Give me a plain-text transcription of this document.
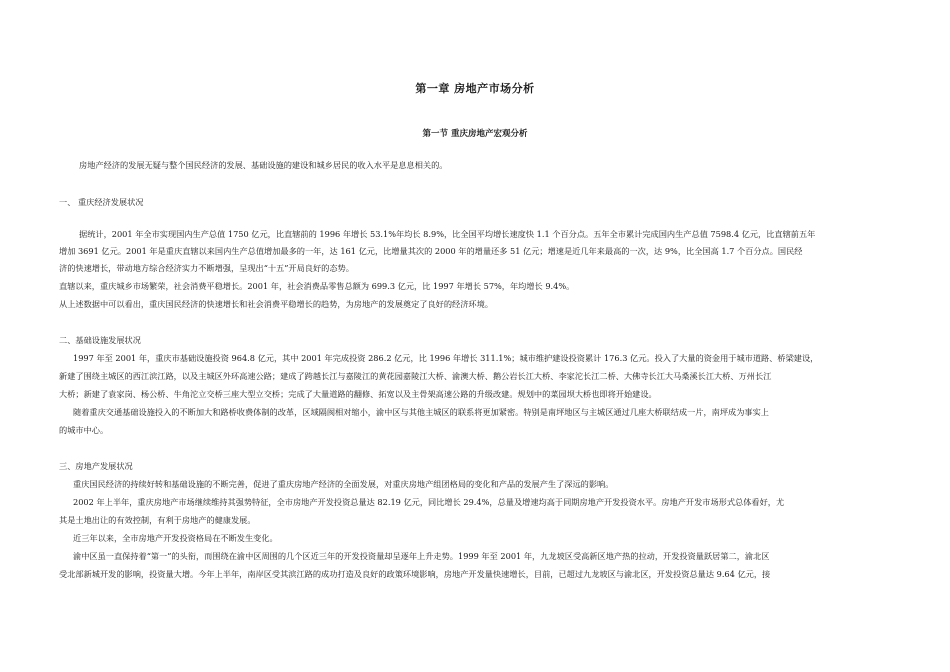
第一章 房地产市场分析
第一节 重庆房地产宏观分析
房地产经济的发展无疑与整个国民经济的发展、基础设施的建设和城乡居民的收入水平是息息相关的。
一、 重庆经济发展状况
据统计，2001 年全市实现国内生产总值 1750 亿元，比直辖前的 1996 年增长 53.1%年均长 8.9%，比全国平均增长速度快 1.1 个百分点。五年全市累计完成国内生产总值 7598.4 亿元，比直辖前五年
增加 3691 亿元。2001 年是重庆直辖以来国内生产总值增加最多的一年，达 161 亿元，比增量其次的 2000 年的增量还多 51 亿元；增速是近几年来最高的一次，达 9%，比全国高 1.7 个百分点。国民经
济的快速增长，带动地方综合经济实力不断增强，呈现出“十五”开局良好的态势。
直辖以来，重庆城乡市场繁荣，社会消费平稳增长。2001 年，社会消费品零售总额为 699.3 亿元，比 1997 年增长 57%，年均增长 9.4%。
从上述数据中可以看出，重庆国民经济的快速增长和社会消费平稳增长的趋势，为房地产的发展奠定了良好的经济环境。
二、基础设施发展状况
1997 年至 2001 年，重庆市基础设施投资 964.8 亿元，其中 2001 年完成投资 286.2 亿元，比 1996 年增长 311.1%；城市维护建设投资累计 176.3 亿元。投入了大量的资金用于城市道路、桥梁建设，
新建了围绕主城区的西江滨江路，以及主城区外环高速公路；建成了跨越长江与嘉陵江的黄花园嘉陵江大桥、渝澳大桥、鹅公岩长江大桥、李家沱长江二桥、大佛寺长江大马桑溪长江大桥、万州长江
大桥；新建了袁家岗、杨公桥、牛角沱立交桥三座大型立交桥；完成了大量道路的翻修、拓宽以及主骨架高速公路的升级改建。规划中的菜园坝大桥也即将开始建设。
随着重庆交通基础设施投入的不断加大和路桥收费体制的改革，区域隔阂相对缩小，渝中区与其他主城区的联系将更加紧密。特别是南坪地区与主城区通过几座大桥联结成一片，南坪成为事实上
的城市中心。
三、房地产发展状况
重庆国民经济的持续好转和基础设施的不断完善，促进了重庆房地产经济的全面发展，对重庆房地产组团格局的变化和产品的发展产生了深远的影响。
2002 年上半年，重庆房地产市场继续维持其强势特征，全市房地产开发投资总量达 82.19 亿元，同比增长 29.4%，总量及增速均高于同期房地产开发投资水平。房地产开发市场形式总体看好，尤
其是土地出让的有效控制，有利于房地产的健康发展。
近三年以来，全市房地产开发投资格局在不断发生变化。
渝中区虽一直保持着“第一”的头衔，而围绕在渝中区周围的几个区近三年的开发投资量却呈逐年上升走势。1999 年至 2001 年，九龙坡区受高新区地产热的拉动，开发投资量跃居第二，渝北区
受北部新城开发的影响，投资量大增。今年上半年，南岸区受其滨江路的成功打造及良好的政策环境影响，房地产开发量快速增长，目前，已超过九龙坡区与渝北区，开发投资总量达 9.64 亿元，接
